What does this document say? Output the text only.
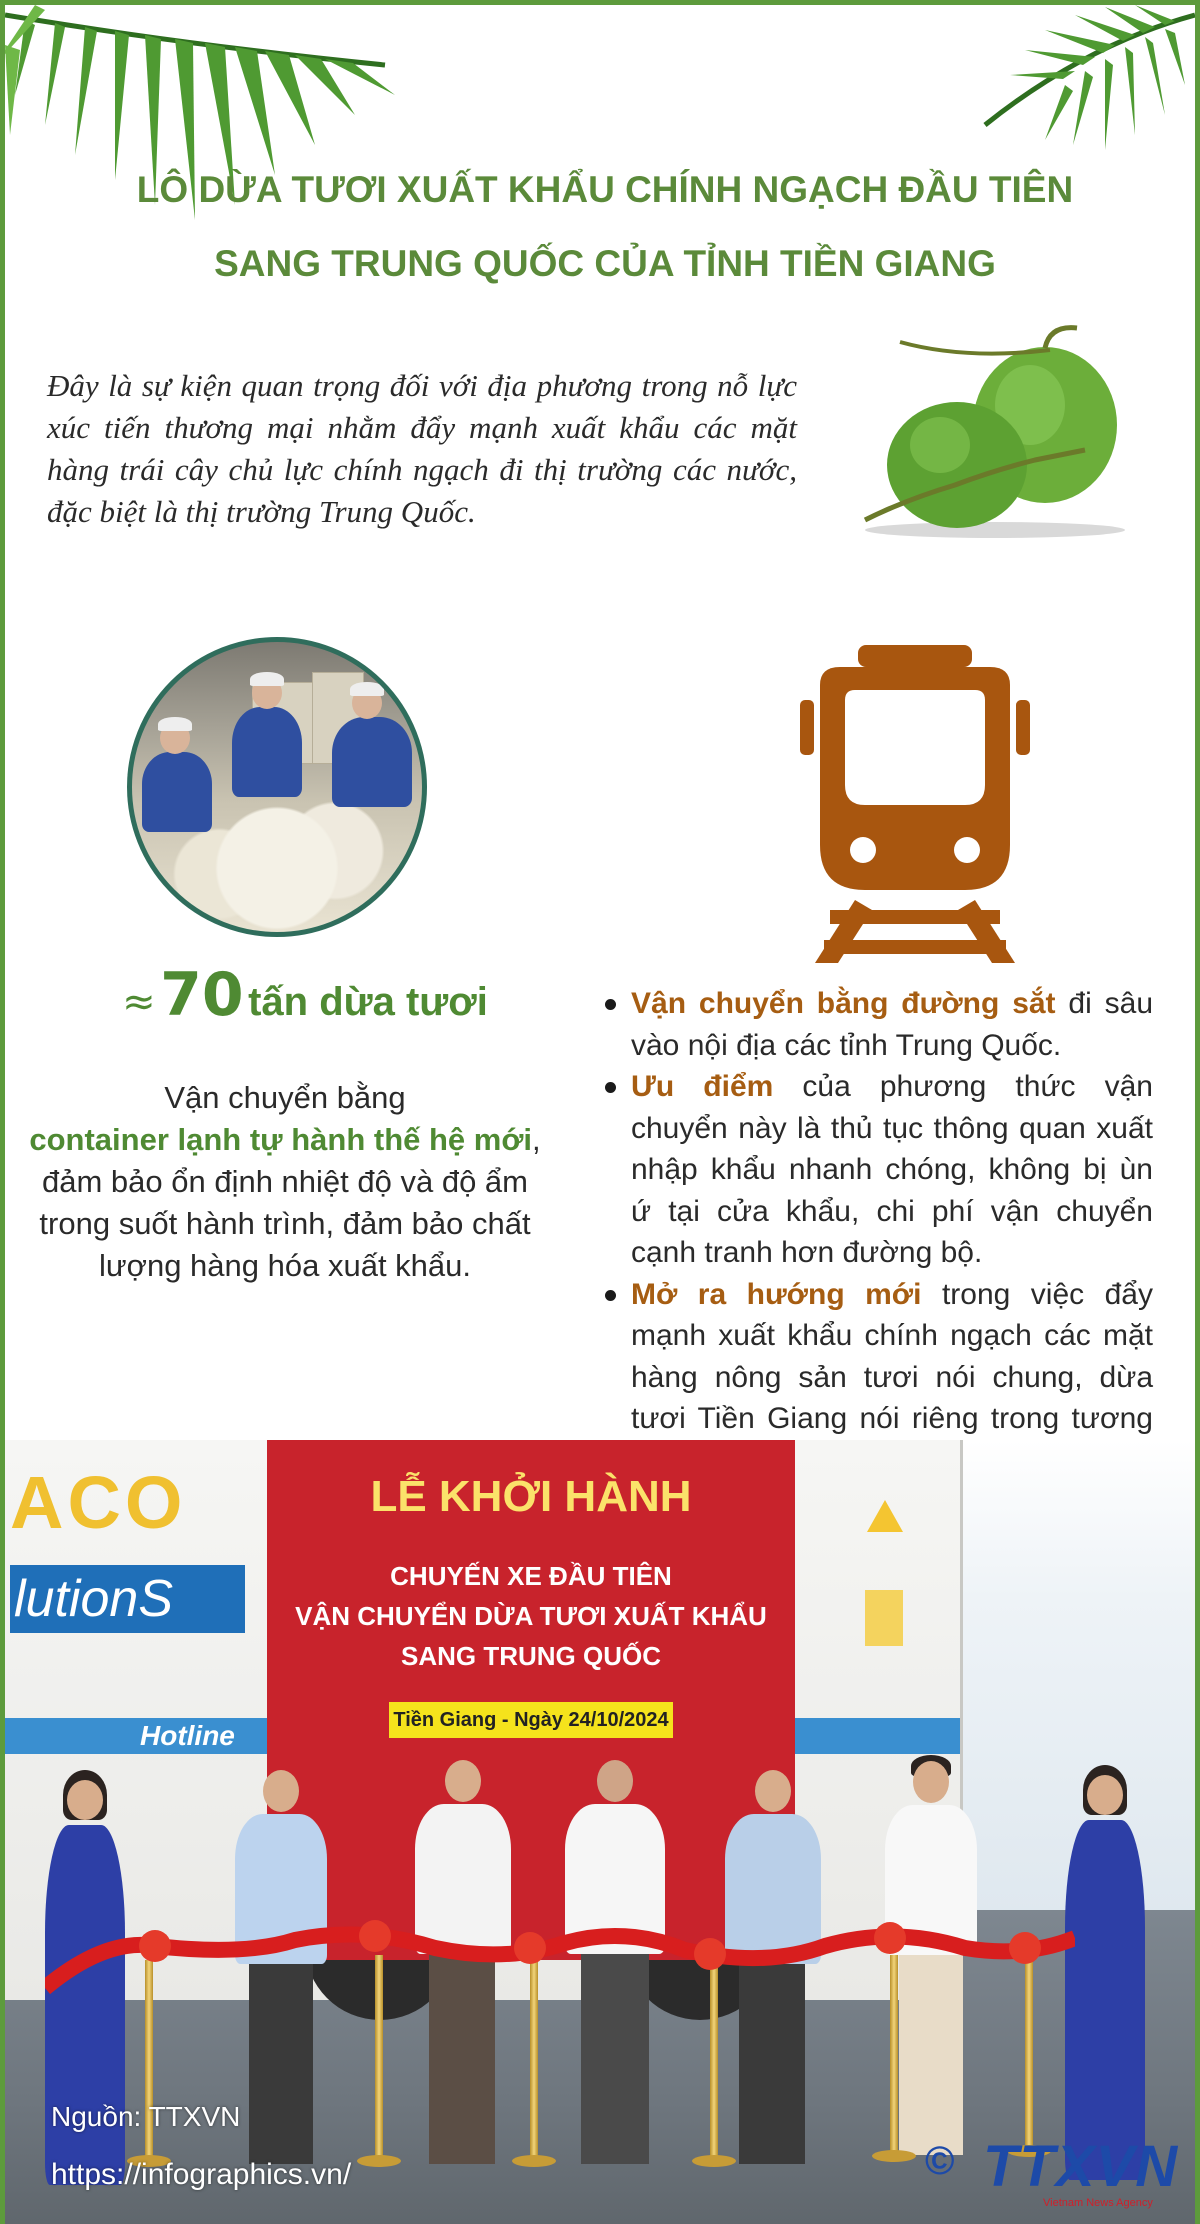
LÔ DỪA TƯƠI XUẤT KHẨU CHÍNH NGẠCH ĐẦU TIÊN
SANG TRUNG QUỐC CỦA TỈNH TIỀN GIANG
Đây là sự kiện quan trọng đối với địa phương trong nỗ lực xúc tiến thương mại nhằm đẩy mạnh xuất khẩu các mặt hàng trái cây chủ lực chính ngạch đi thị trường các nước, đặc biệt là thị trường Trung Quốc.
≈ 70 tấn dừa tươi
Vận chuyển bằng
container lạnh tự hành thế hệ mới,
đảm bảo ổn định nhiệt độ và độ ẩm trong suốt hành trình, đảm bảo chất lượng hàng hóa xuất khẩu.
Vận chuyển bằng đường sắt đi sâu vào nội địa các tỉnh Trung Quốc.
Ưu điểm của phương thức vận chuyển này là thủ tục thông quan xuất nhập khẩu nhanh chóng, không bị ùn ứ tại cửa khẩu, chi phí vận chuyển cạnh tranh hơn đường bộ.
Mở ra hướng mới trong việc đẩy mạnh xuất khẩu chính ngạch các mặt hàng nông sản tươi nói chung, dừa tươi Tiền Giang nói riêng trong tương
ACO
lutionS
Hotline
LỄ KHỞI HÀNH
CHUYẾN XE ĐẦU TIÊN
VẬN CHUYỂN DỪA TƯƠI XUẤT KHẨU
SANG TRUNG QUỐC
Tiền Giang - Ngày 24/10/2024
Nguồn: TTXVN
https://infographics.vn/	© TTXVN
Vietnam News Agency
